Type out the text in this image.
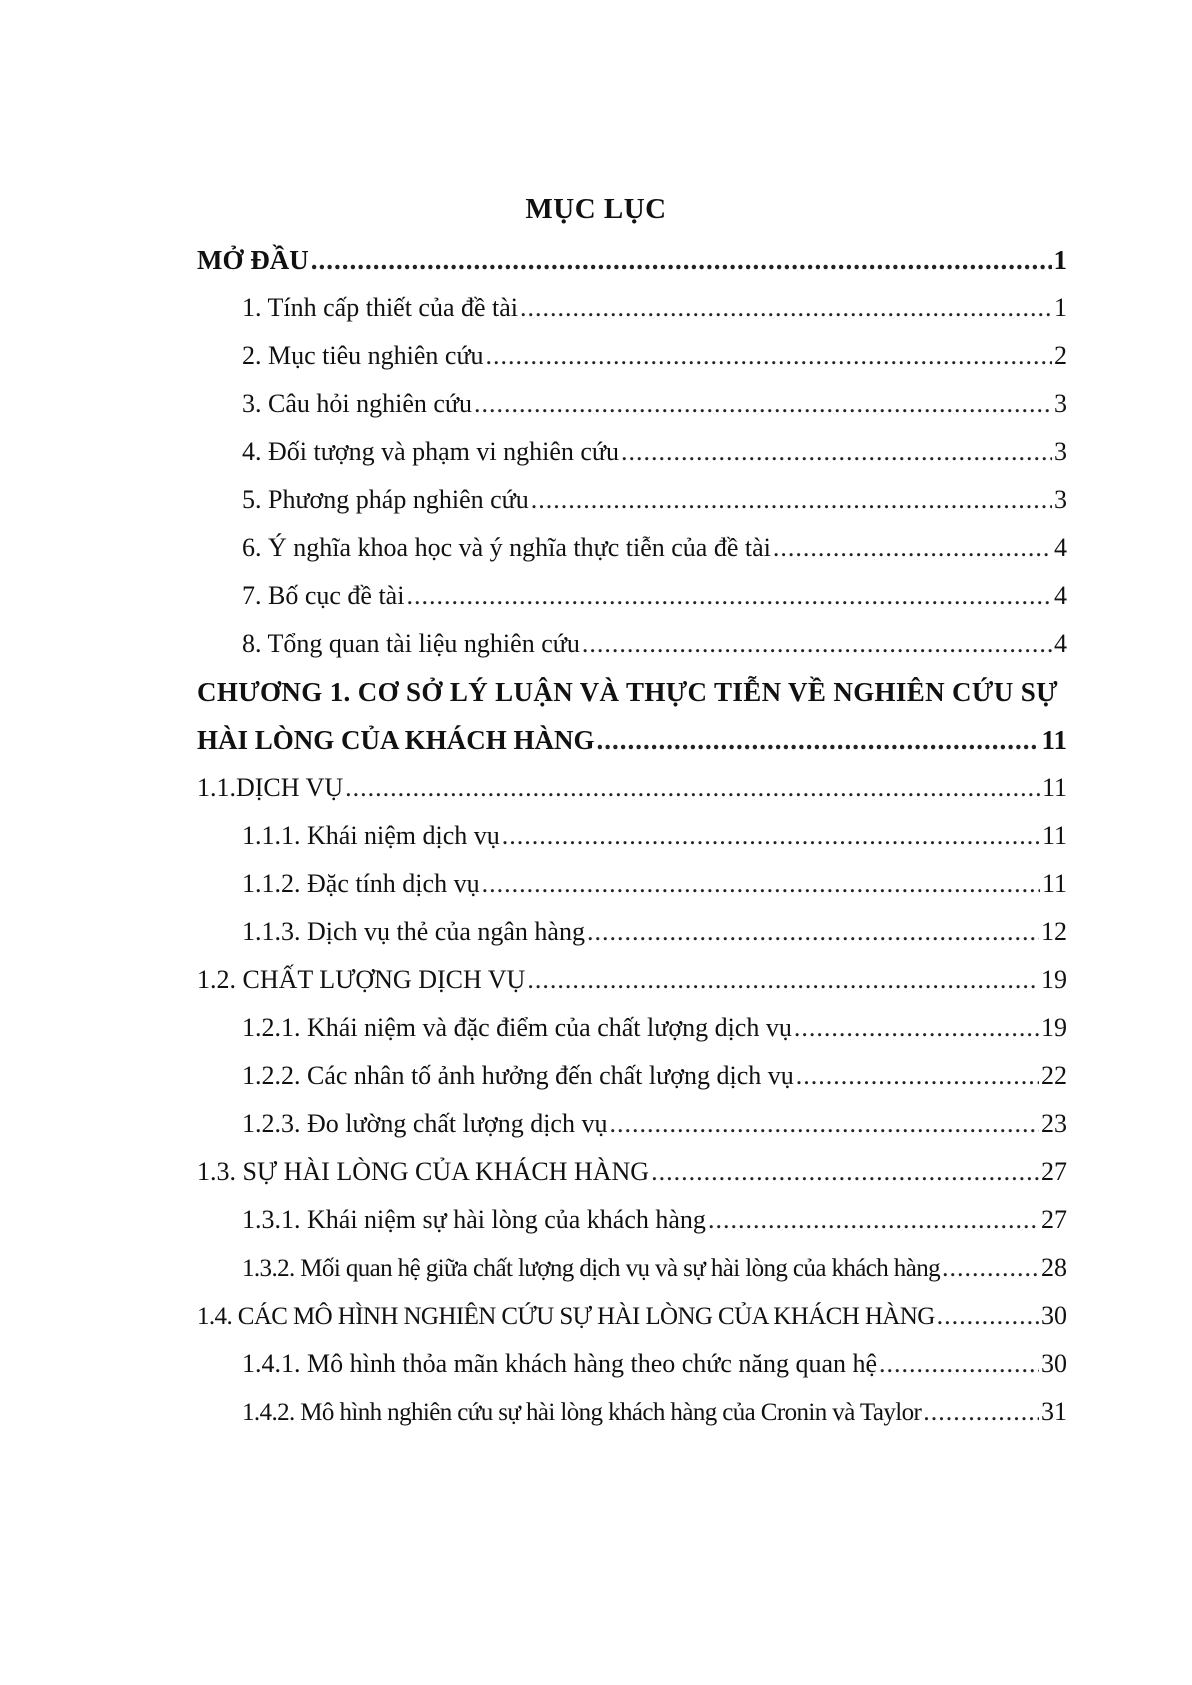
MỤC LỤC
MỞ ĐẦU .....	1
1. Tính cấp thiết của đề tài .....	1
2. Mục tiêu nghiên cứu .....	2
3. Câu hỏi nghiên cứu .....	3
4. Đối tượng và phạm vi nghiên cứu .....	3
5. Phương pháp nghiên cứu .....	3
6. Ý nghĩa khoa học và ý nghĩa thực tiễn của đề tài .....	4
7. Bố cục đề tài .....	4
8. Tổng quan tài liệu nghiên cứu .....	4
CHƯƠNG 1. CƠ SỞ LÝ LUẬN VÀ THỰC TIỄN VỀ NGHIÊN CỨU SỰ
HÀI LÒNG CỦA KHÁCH HÀNG .....	11
1.1.DỊCH VỤ .....	11
1.1.1. Khái niệm dịch vụ .....	11
1.1.2. Đặc tính dịch vụ .....	11
1.1.3. Dịch vụ thẻ của ngân hàng .....	12
1.2. CHẤT LƯỢNG DỊCH VỤ .....	19
1.2.1. Khái niệm và đặc điểm của chất lượng dịch vụ .....	19
1.2.2. Các nhân tố ảnh hưởng đến chất lượng dịch vụ .....	22
1.2.3. Đo lường chất lượng dịch vụ .....	23
1.3. SỰ HÀI LÒNG CỦA KHÁCH HÀNG .....	27
1.3.1. Khái niệm sự hài lòng của khách hàng .....	27
1.3.2. Mối quan hệ giữa chất lượng dịch vụ và sự hài lòng của khách hàng .....	28
1.4. CÁC MÔ HÌNH NGHIÊN CỨU SỰ HÀI LÒNG CỦA KHÁCH HÀNG .....	30
1.4.1. Mô hình thỏa mãn khách hàng theo chức năng quan hệ .....	30
1.4.2. Mô hình nghiên cứu sự hài lòng khách hàng của Cronin và Taylor .....	31
